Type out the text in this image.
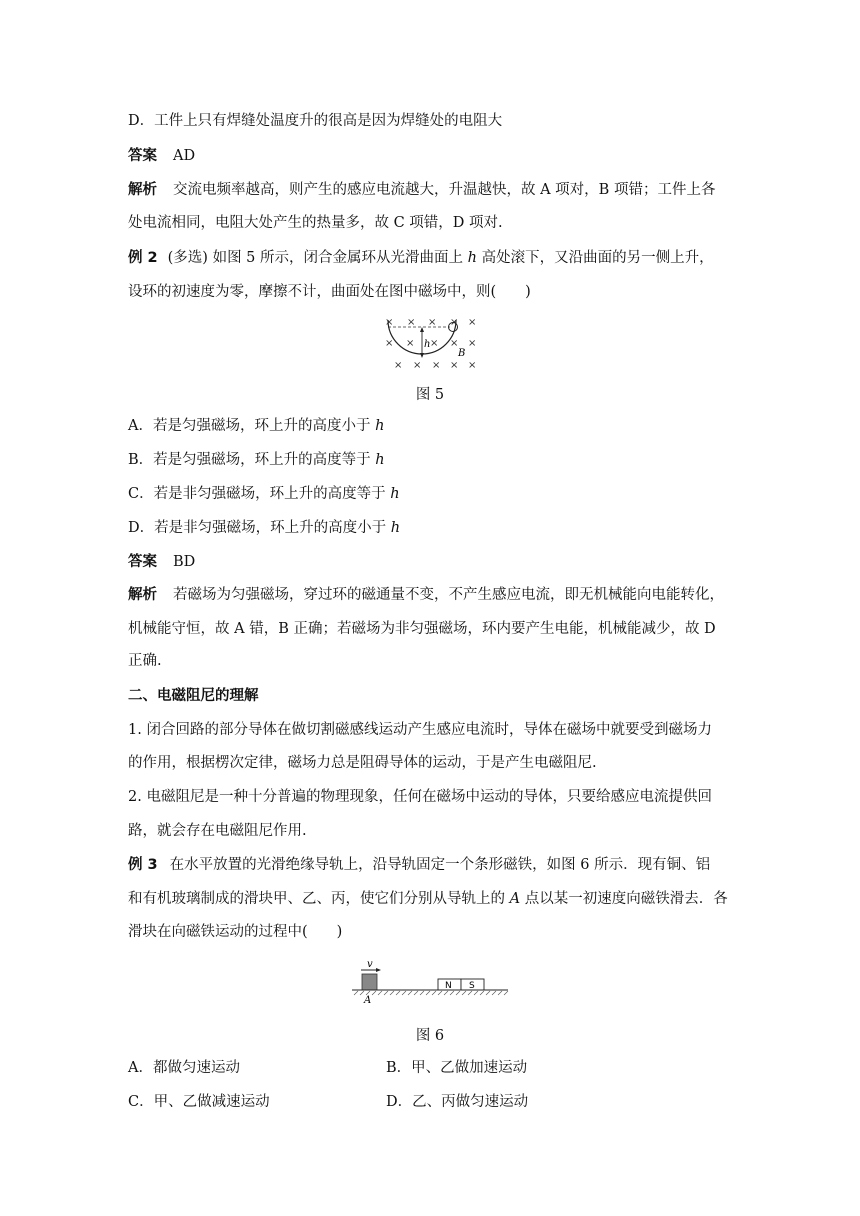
D．工件上只有焊缝处温度升的很高是因为焊缝处的电阻大
答案 AD
解析 交流电频率越高，则产生的感应电流越大，升温越快，故 A 项对，B 项错；工件上各
处电流相同，电阻大处产生的热量多，故 C 项错，D 项对.
例 2 (多选) 如图 5 所示，闭合金属环从光滑曲面上 h 高处滚下，又沿曲面的另一侧上升，
设环的初速度为零，摩擦不计，曲面处在图中磁场中，则(　　)
× × × × ×
× × × × ×
× × × × ×
h
B
图 5
A．若是匀强磁场，环上升的高度小于 h
B．若是匀强磁场，环上升的高度等于 h
C．若是非匀强磁场，环上升的高度等于 h
D．若是非匀强磁场，环上升的高度小于 h
答案 BD
解析 若磁场为匀强磁场，穿过环的磁通量不变，不产生感应电流，即无机械能向电能转化，
机械能守恒，故 A 错，B 正确；若磁场为非匀强磁场，环内要产生电能，机械能减少，故 D
正确.
二、电磁阻尼的理解
1. 闭合回路的部分导体在做切割磁感线运动产生感应电流时，导体在磁场中就要受到磁场力
的作用，根据楞次定律，磁场力总是阻碍导体的运动，于是产生电磁阻尼.
2. 电磁阻尼是一种十分普遍的物理现象，任何在磁场中运动的导体，只要给感应电流提供回
路，就会存在电磁阻尼作用.
例 3 在水平放置的光滑绝缘导轨上，沿导轨固定一个条形磁铁，如图 6 所示．现有铜、铝
和有机玻璃制成的滑块甲、乙、丙，使它们分别从导轨上的 A 点以某一初速度向磁铁滑去．各
滑块在向磁铁运动的过程中(　　)
v
N S
A
图 6
A．都做匀速运动	B．甲、乙做加速运动
C．甲、乙做减速运动	D．乙、丙做匀速运动
